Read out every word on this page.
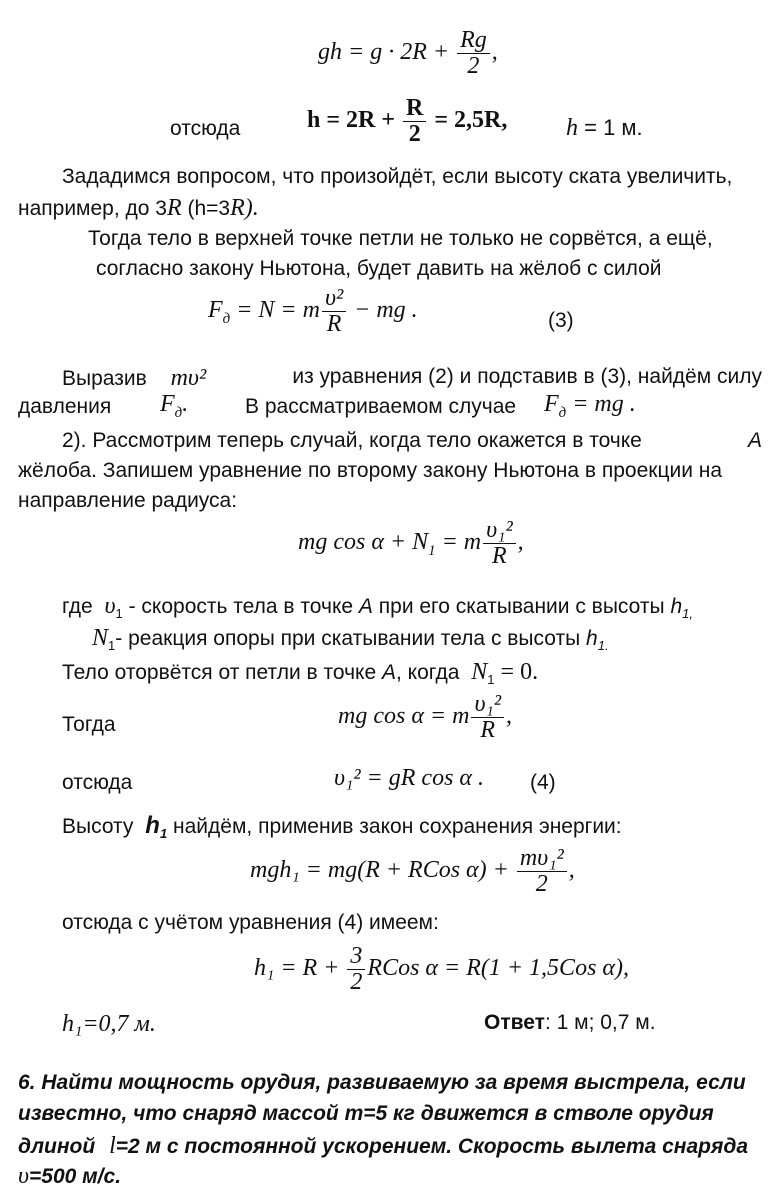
gh = $g \cdot 2R + \frac{Rg}{2}$ ,
отсюда	$h = 2R + \frac{R}{2} = 2,5R$, h = 1 м.
Зададимся вопросом, что произойдёт, если высоту ската увеличить,
например, до 3R (h=3R).
Тогда тело в верхней точке петли не только не сорвётся, а ещё,
согласно закону Ньютона, будет давить на жёлоб с силой
$F_д = N = m \frac{\text{υ²}}{R}$ − mg .	(3)
Выразив mυ²	из уравнения (2) и подставив в (3), найдём силу
давления $F_д$.	В рассматриваемом случае $F_д$ = mg .
2). Рассмотрим теперь случай, когда тело окажется в точке	A
жёлоба. Запишем уравнение по второму закону Ньютона в проекции на
направление радиуса:
mg $\cos \alpha + N_1 = m \frac{\text{υ₁²}}{R}$ ,
где $\upsilon_1$ - скорость тела в точке A при его скатывании с высоты $h_{1,}$
$N_1-$ реакция опоры при скатывании тела с высоты $h_{1.}$
Тело оторвётся от петли в точке A, когда $N_1 = 0$.
Тогда	mg cos α = m $\frac{\text{υ₁²}}{R}$ ,
отсюда	υ₁² = gR cos α . (4)
Высоту $h_1$ найдём, применив закон сохранения энергии:
mgh₁ = mg(R + RCos $\alpha) + \frac{\text{mυ₁²}}{2}$ ,
отсюда с учётом уравнения (4) имеем:
$h_1 = R + \frac{3}{2}$ RCos α = R(1 + 1,5Cos α),
h₁=0,7 м.	Ответ: 1 м; 0,7 м.
6. Найти мощность орудия, развиваемую за время выстрела, если
известно, что снаряд массой m=5 кг движется в стволе орудия
длиной l=2 м с постоянной ускорением. Скорость вылета снаряда
υ=500 м/с.
